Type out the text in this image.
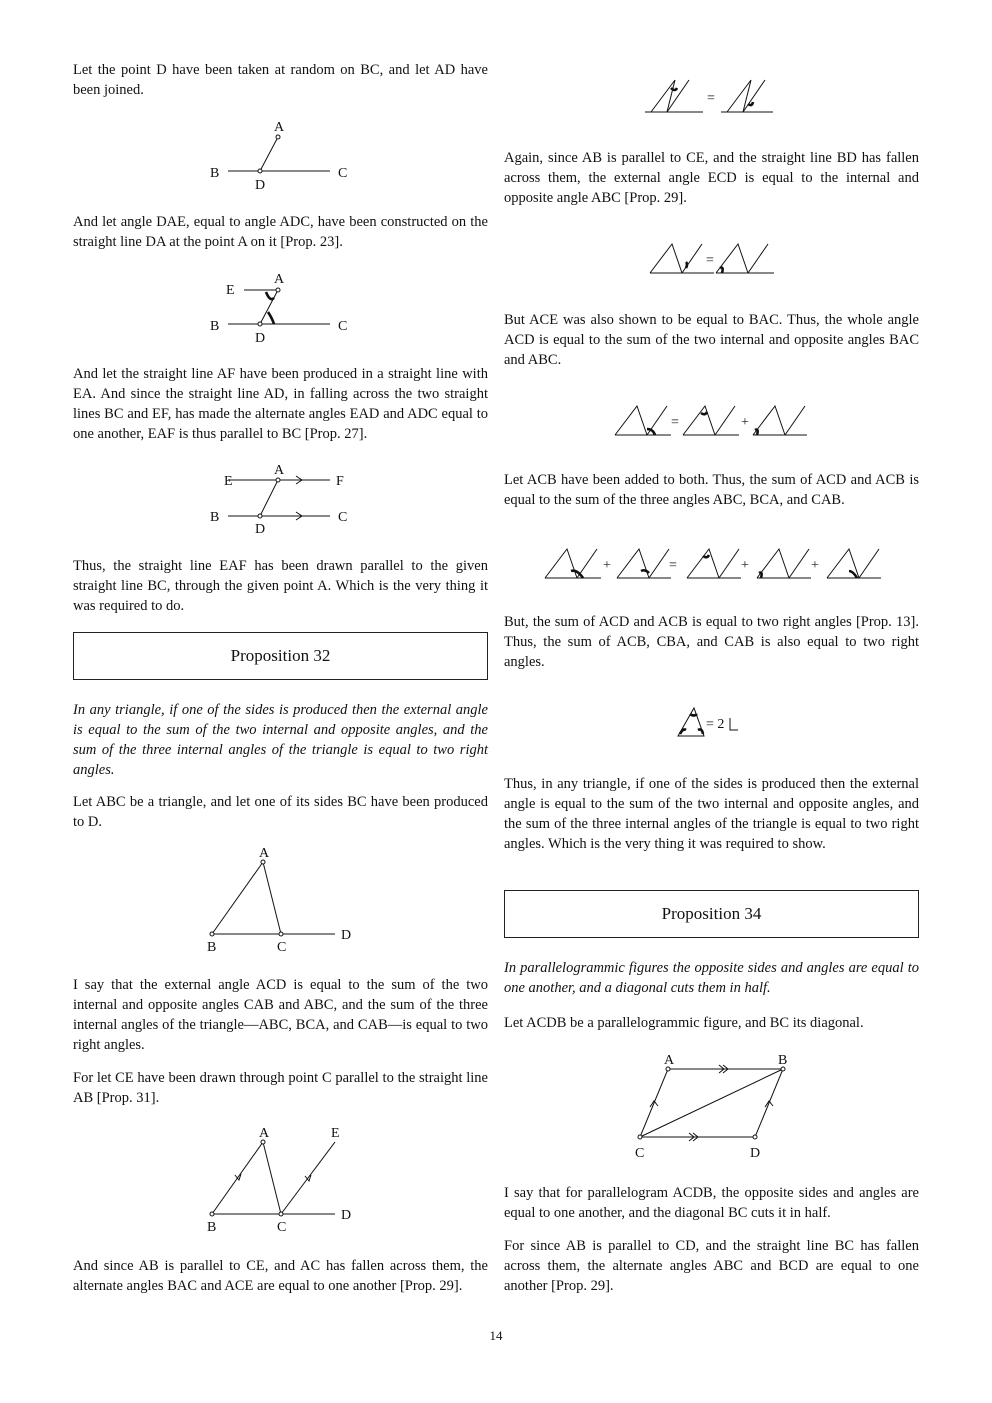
Let the point D have been taken at random on BC, and let AD have been joined.

A
B	C
D

And let angle DAE, equal to angle ADC, have been constructed on the straight line DA at the point A on it [Prop. 23].

A
E
B	C
D

And let the straight line AF have been produced in a straight line with EA. And since the straight line AD, in falling across the two straight lines BC and EF, has made the alternate angles EAD and ADC equal to one another, EAF is thus parallel to BC [Prop. 27].

A
E	F
B	C
D

Thus, the straight line EAF has been drawn parallel to the given straight line BC, through the given point A. Which is the very thing it was required to do.

Proposition 32

In any triangle, if one of the sides is produced then the external angle is equal to the sum of the two internal and opposite angles, and the sum of the three internal angles of the triangle is equal to two right angles.

Let ABC be a triangle, and let one of its sides BC have been produced to D.

A
B	C
D

I say that the external angle ACD is equal to the sum of the two internal and opposite angles CAB and ABC, and the sum of the three internal angles of the triangle—ABC, BCA, and CAB—is equal to two right angles.

For let CE have been drawn through point C parallel to the straight line AB [Prop. 31].

A	E
B	C
D

And since AB is parallel to CE, and AC has fallen across them, the alternate angles BAC and ACE are equal to one another [Prop. 29].

=

Again, since AB is parallel to CE, and the straight line BD has fallen across them, the external angle ECD is equal to the internal and opposite angle ABC [Prop. 29].

=

But ACE was also shown to be equal to BAC. Thus, the whole angle ACD is equal to the sum of the two internal and opposite angles BAC and ABC.

=	+

Let ACB have been added to both. Thus, the sum of ACD and ACB is equal to the sum of the three angles ABC, BCA, and CAB.

+	=	+	+

But, the sum of ACD and ACB is equal to two right angles [Prop. 13]. Thus, the sum of ACB, CBA, and CAB is also equal to two right angles.

= 2

Thus, in any triangle, if one of the sides is produced then the external angle is equal to the sum of the two internal and opposite angles, and the sum of the three internal angles of the triangle is equal to two right angles. Which is the very thing it was required to show.

Proposition 34

In parallelogrammic figures the opposite sides and angles are equal to one another, and a diagonal cuts them in half.

Let ACDB be a parallelogrammic figure, and BC its diagonal.

A	B
C	D

I say that for parallelogram ACDB, the opposite sides and angles are equal to one another, and the diagonal BC cuts it in half.

For since AB is parallel to CD, and the straight line BC has fallen across them, the alternate angles ABC and BCD are equal to one another [Prop. 29].

14
